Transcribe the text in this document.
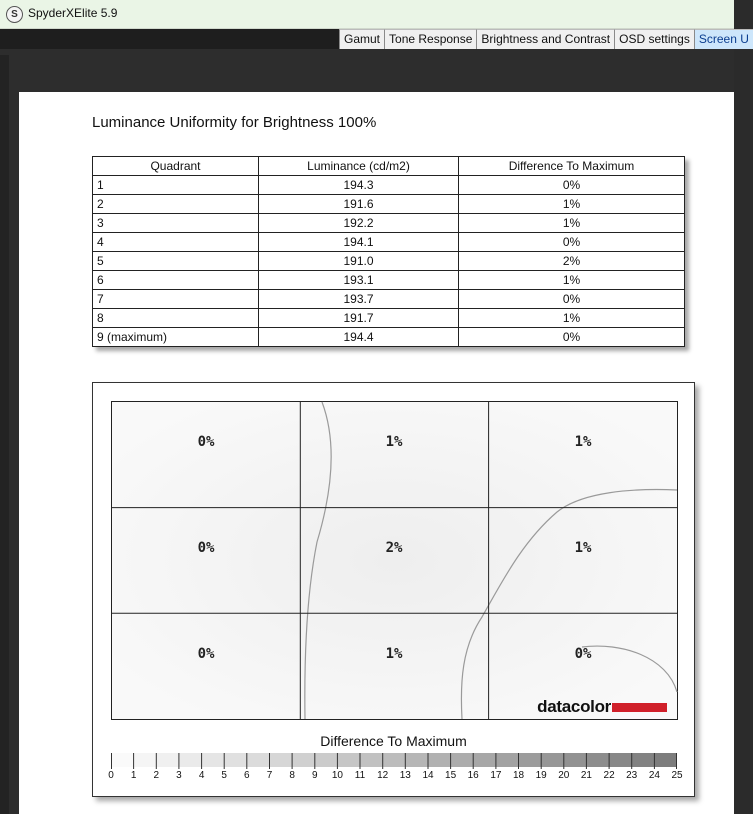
S SpyderXElite 5.9
Gamut Tone Response Brightness and Contrast OSD settings Screen U
Luminance Uniformity for Brightness 100%
Quadrant	Luminance (cd/m2)	Difference To Maximum
1	194.3	0%
2	191.6	1%
3	192.2	1%
4	194.1	0%
5	191.0	2%
6	193.1	1%
7	193.7	0%
8	191.7	1%
9 (maximum)	194.4	0%
0%	1%	1%
0%	2%	1%
0%	1%	0%
datacolor
Difference To Maximum
0 1 2 3 4 5 6 7 8 9 10 11 12 13 14 15 16 17 18 19 20 21 22 23 24 25
